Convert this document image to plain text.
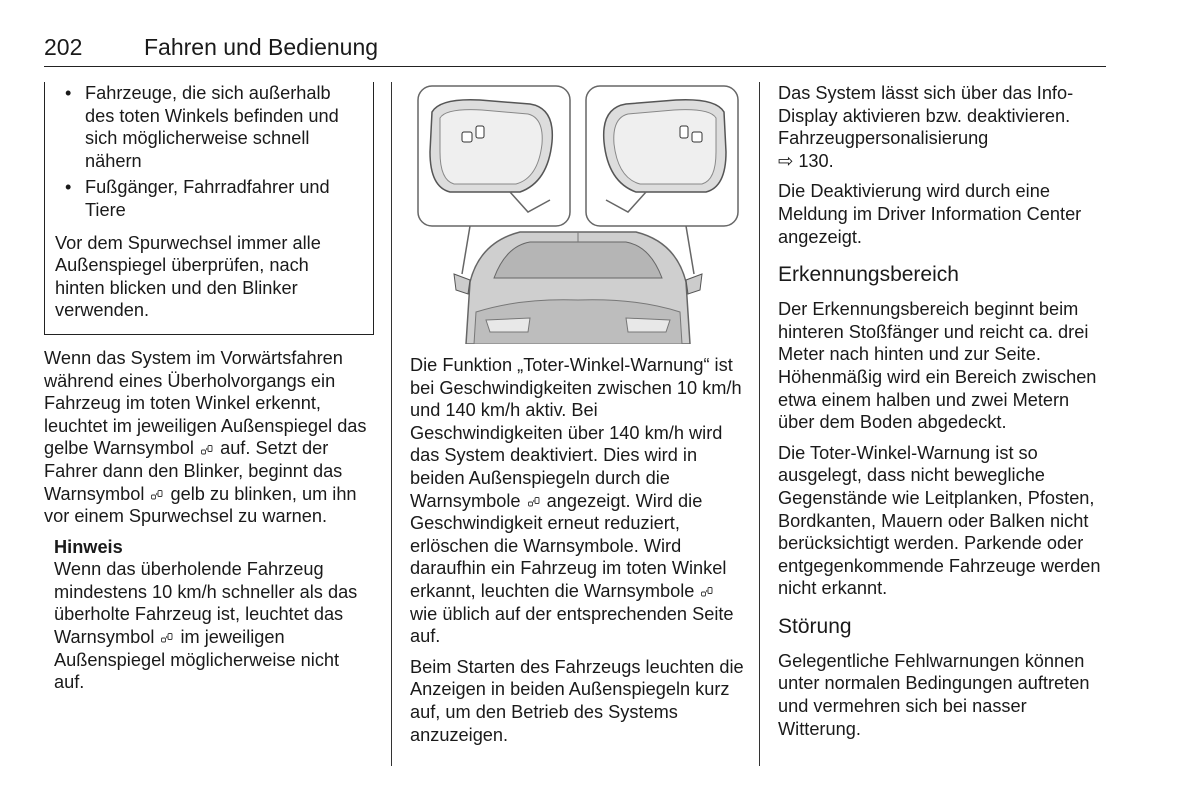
202	Fahren und Bedienung
• Fahrzeuge, die sich außerhalb des toten Winkels befinden und sich möglicherweise schnell nähern
• Fußgänger, Fahrradfahrer und Tiere

Vor dem Spurwechsel immer alle Außenspiegel überprüfen, nach hinten blicken und den Blinker verwenden.

Wenn das System im Vorwärtsfahren während eines Überholvorgangs ein Fahrzeug im toten Winkel erkennt, leuchtet im jeweiligen Außenspiegel das gelbe Warnsymbol auf. Setzt der Fahrer dann den Blinker, beginnt das Warnsymbol gelb zu blinken, um ihn vor einem Spurwechsel zu warnen.

Hinweis

Wenn das überholende Fahrzeug mindestens 10 km/h schneller als das überholte Fahrzeug ist, leuchtet das Warnsymbol im jeweiligen Außenspiegel möglicherweise nicht auf.

Die Funktion „Toter-Winkel-Warnung“ ist bei Geschwindigkeiten zwischen 10 km/h und 140 km/h aktiv. Bei Geschwindigkeiten über 140 km/h wird das System deaktiviert. Dies wird in beiden Außenspiegeln durch die Warnsymbole angezeigt. Wird die Geschwindigkeit erneut reduziert, erlöschen die Warnsymbole. Wird daraufhin ein Fahrzeug im toten Winkel erkannt, leuchten die Warnsymbole  wie üblich auf der entsprechenden Seite auf.

Beim Starten des Fahrzeugs leuchten die Anzeigen in beiden Außenspiegeln kurz auf, um den Betrieb des Systems anzuzeigen.

Das System lässt sich über das Info-Display aktivieren bzw. deaktivieren. Fahrzeugpersonalisierung
⇨ 130.

Die Deaktivierung wird durch eine Meldung im Driver Information Center angezeigt.

Erkennungsbereich

Der Erkennungsbereich beginnt beim hinteren Stoßfänger und reicht ca. drei Meter nach hinten und zur Seite. Höhenmäßig wird ein Bereich zwischen etwa einem halben und zwei Metern über dem Boden abgedeckt.

Die Toter-Winkel-Warnung ist so ausgelegt, dass nicht bewegliche Gegenstände wie Leitplanken, Pfosten, Bordkanten, Mauern oder Balken nicht berücksichtigt werden. Parkende oder entgegenkommende Fahrzeuge werden nicht erkannt.

Störung

Gelegentliche Fehlwarnungen können unter normalen Bedingungen auftreten und vermehren sich bei nasser Witterung.
